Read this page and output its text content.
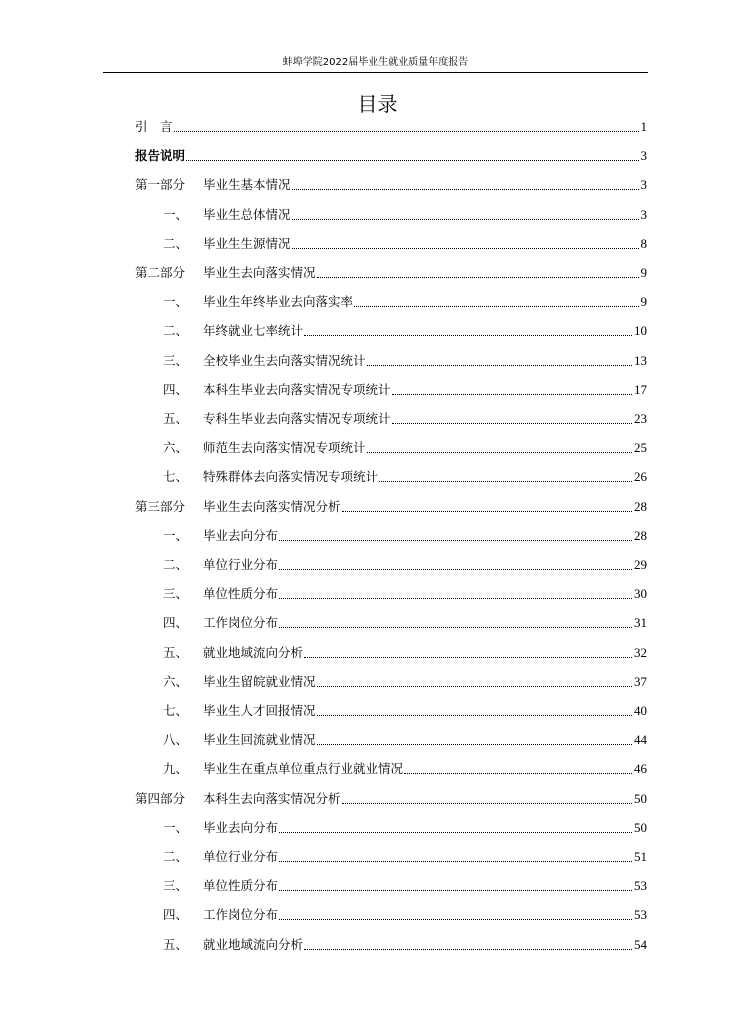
蚌埠学院2022届毕业生就业质量年度报告
目录
引　言	1
报告说明	3
第一部分	毕业生基本情况	3
一、	毕业生总体情况	3
二、	毕业生生源情况	8
第二部分	毕业生去向落实情况	9
一、	毕业生年终毕业去向落实率	9
二、	年终就业七率统计	10
三、	全校毕业生去向落实情况统计	13
四、	本科生毕业去向落实情况专项统计	17
五、	专科生毕业去向落实情况专项统计	23
六、	师范生去向落实情况专项统计	25
七、	特殊群体去向落实情况专项统计	26
第三部分	毕业生去向落实情况分析	28
一、	毕业去向分布	28
二、	单位行业分布	29
三、	单位性质分布	30
四、	工作岗位分布	31
五、	就业地域流向分析	32
六、	毕业生留皖就业情况	37
七、	毕业生人才回报情况	40
八、	毕业生回流就业情况	44
九、	毕业生在重点单位重点行业就业情况	46
第四部分	本科生去向落实情况分析	50
一、	毕业去向分布	50
二、	单位行业分布	51
三、	单位性质分布	53
四、	工作岗位分布	53
五、	就业地域流向分析	54
